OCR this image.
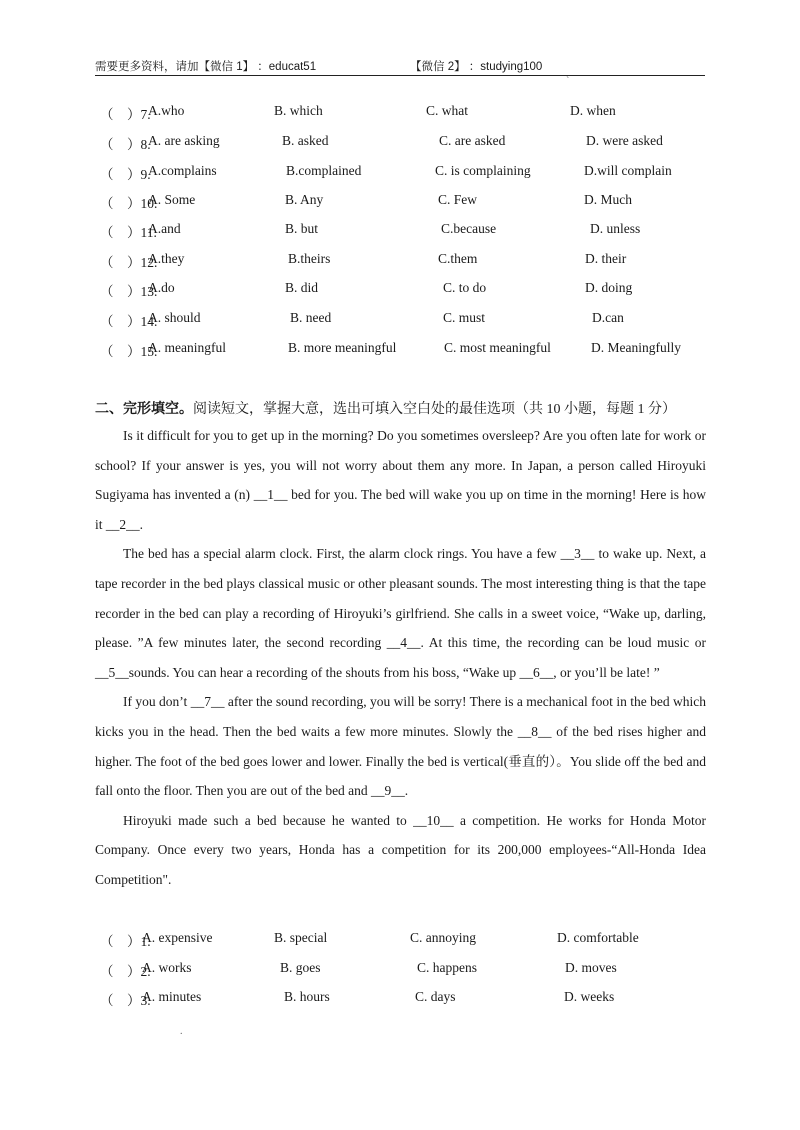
需要更多资料，请加【微信 1】 ：educat51	【微信 2】 ：studying100
ˋ
（　）7.
A.who	B. which	C. what	D. when
（　）8.
A. are asking	B. asked	C. are asked	D. were asked
（　）9.
A.complains	B.complained	C. is complaining	D.will complain
（　）10.
A. Some	B. Any	C. Few	D. Much
（　）11.
A.and	B. but	C.because	D. unless
（　）12.
A.they	B.theirs	C.them	D. their
（　）13.
A.do	B. did	C. to do	D. doing
（　）14.
A. should	B. need	C. must	D.can
（　）15.
A. meaningful	B. more meaningful	C. most meaningful	D. Meaningfully
二、完形填空。阅读短文，掌握大意，选出可填入空白处的最佳选项（共 10 小题，每题 1 分）

Is it difficult for you to get up in the morning? Do you sometimes oversleep? Are you often late for work or school? If your answer is yes, you will not worry about them any more. In Japan, a person called Hiroyuki Sugiyama has invented a (n) __1__ bed for you. The bed will wake you up on time in the morning! Here is how it __2__.

The bed has a special alarm clock. First, the alarm clock rings. You have a few __3__ to wake up. Next, a tape recorder in the bed plays classical music or other pleasant sounds. The most interesting thing is that the tape recorder in the bed can play a recording of Hiroyuki’s girlfriend. She calls in a sweet voice, “Wake up, darling, please. ”A few minutes later, the second recording __4__. At this time, the recording can be loud music or __5__sounds. You can hear a recording of the shouts from his boss, “Wake up __6__, or you’ll be late! ”

If you don’t __7__ after the sound recording, you will be sorry! There is a mechanical foot in the bed which kicks you in the head. Then the bed waits a few more minutes. Slowly the __8__ of the bed rises higher and higher. The foot of the bed goes lower and lower. Finally the bed is vertical(垂直的）。You slide off the bed and fall onto the floor. Then you are out of the bed and __9__.

Hiroyuki made such a bed because he wanted to __10__ a competition. He works for Honda Motor Company. Once every two years, Honda has a competition for its 200,000 employees-“All-Honda Idea Competition".

（　）1.
A. expensive	B. special	C. annoying	D. comfortable
（　）2.
A. works	B. goes	C. happens	D. moves
（　）3.
A. minutes	B. hours	C. days	D. weeks
.
